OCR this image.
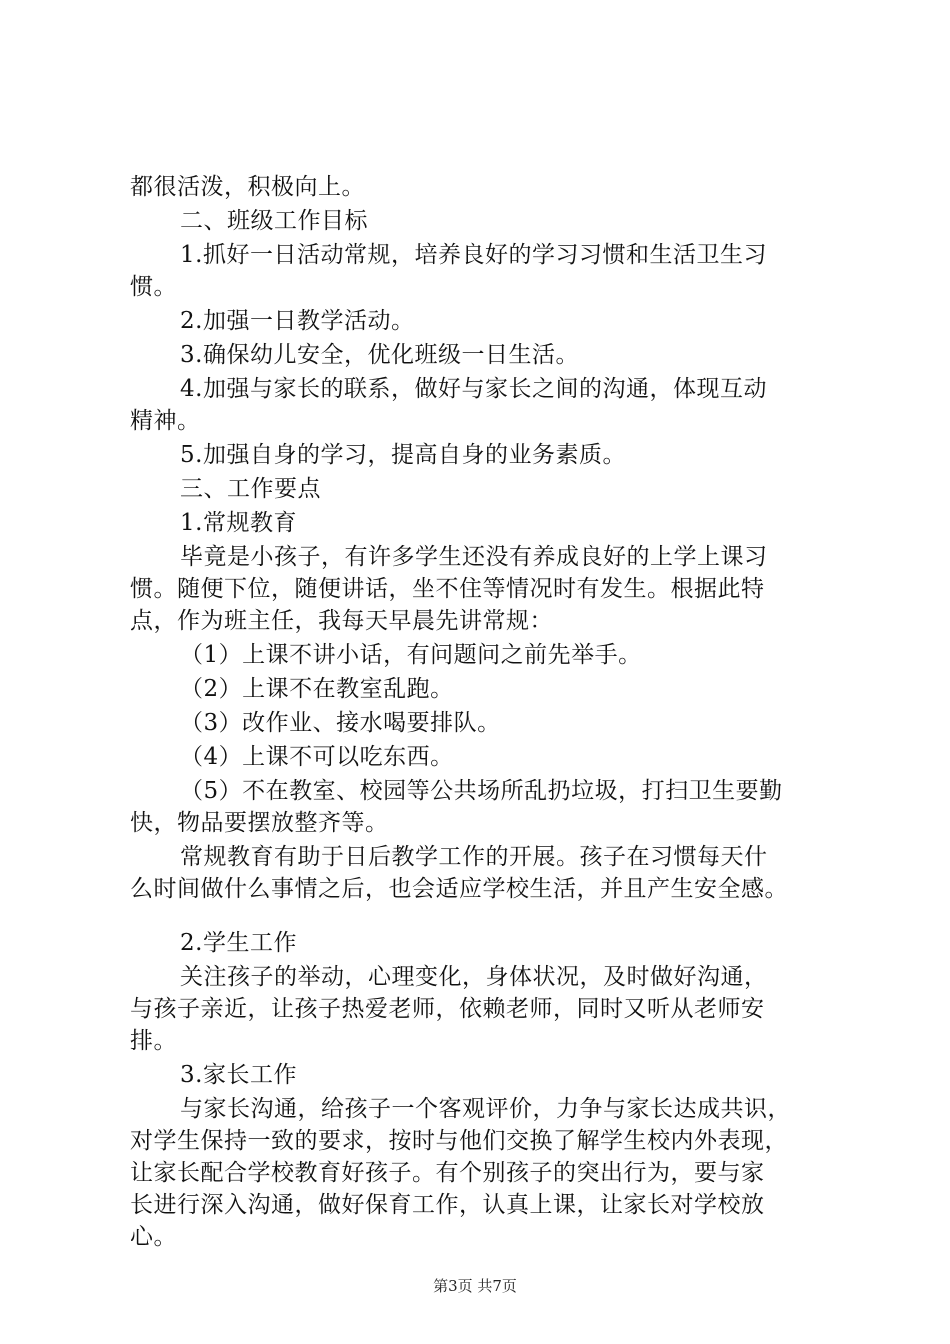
都很活泼，积极向上。
二、班级工作目标
1.抓好一日活动常规，培养良好的学习习惯和生活卫生习
惯。
2.加强一日教学活动。
3.确保幼儿安全，优化班级一日生活。
4.加强与家长的联系，做好与家长之间的沟通，体现互动
精神。
5.加强自身的学习，提高自身的业务素质。
三、工作要点
1.常规教育
毕竟是小孩子，有许多学生还没有养成良好的上学上课习
惯。随便下位，随便讲话，坐不住等情况时有发生。根据此特
点，作为班主任，我每天早晨先讲常规：
（1）上课不讲小话，有问题问之前先举手。
（2）上课不在教室乱跑。
（3）改作业、接水喝要排队。
（4）上课不可以吃东西。
（5）不在教室、校园等公共场所乱扔垃圾，打扫卫生要勤
快，物品要摆放整齐等。
常规教育有助于日后教学工作的开展。孩子在习惯每天什
么时间做什么事情之后，也会适应学校生活，并且产生安全感。
2.学生工作
关注孩子的举动，心理变化，身体状况，及时做好沟通，
与孩子亲近，让孩子热爱老师，依赖老师，同时又听从老师安
排。
3.家长工作
与家长沟通，给孩子一个客观评价，力争与家长达成共识，
对学生保持一致的要求，按时与他们交换了解学生校内外表现，
让家长配合学校教育好孩子。有个别孩子的突出行为，要与家
长进行深入沟通，做好保育工作，认真上课，让家长对学校放
心。
第3页 共7页
